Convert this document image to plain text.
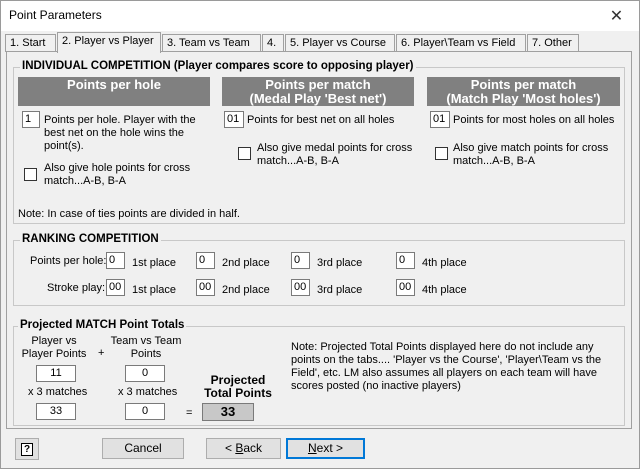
Point Parameters	✕
1. Start	2. Player vs Player	3. Team vs Team	4.	5. Player vs Course	6. Player\Team vs Field	7. Other
INDIVIDUAL COMPETITION (Player compares score to opposing player)
Points per hole
1	Points per hole. Player with the best net on the hole wins the point(s).
Also give hole points for cross match...A-B, B-A
Points per match
(Medal Play 'Best net')
01 Points for best net on all holes
Also give medal points for cross match...A-B, B-A
Points per match
(Match Play 'Most holes')
01 Points for most holes on all holes
Also give match points for cross match...A-B, B-A
Note: In case of ties points are divided in half.
RANKING COMPETITION
Points per hole: 0	1st place 0	2nd place 0	3rd place	0	4th place
Stroke play: 00 1st place 00 2nd place 00 3rd place	00 4th place
Projected MATCH Point Totals
Player vs Player Points	+
Team vs Team Points
11	0
x 3 matches	x 3 matches
33	0	=
Projected Total Points
33
Note: Projected Total Points displayed here do not include any points on the tabs.... 'Player vs the Course', 'Player\Team vs the Field', etc. LM also assumes all players on each team will have scores posted (no inactive players)
?	Cancel	< Back	Next >
